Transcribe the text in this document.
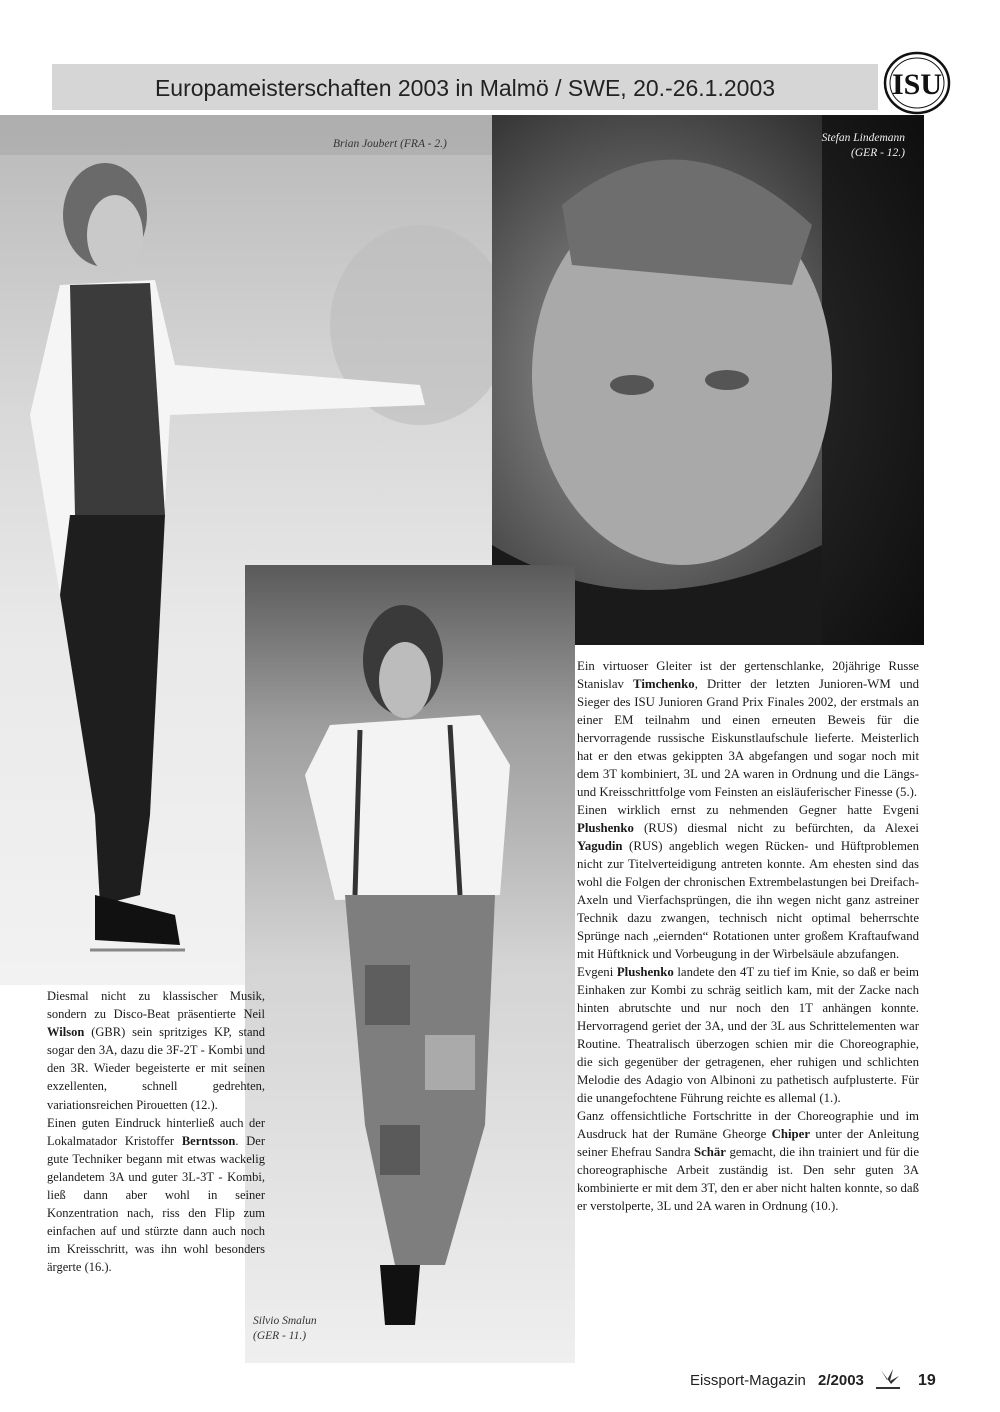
Europameisterschaften 2003 in Malmö / SWE, 20.-26.1.2003	ISU
Brian Joubert (FRA - 2.)	Stefan Lindemann
(GER - 12.)
Silvio Smalun
(GER - 11.)

Diesmal nicht zu klassischer Musik, sondern zu Disco-Beat präsentierte Neil Wilson (GBR) sein spritziges KP, stand sogar den 3A, dazu die 3F-2T - Kombi und den 3R. Wieder begeisterte er mit seinen exzellenten, schnell gedrehten, variationsreichen Pirouetten (12.).

Einen guten Eindruck hinterließ auch der Lokalmatador Kristoffer Berntsson. Der gute Techniker begann mit etwas wackelig gelandetem 3A und guter 3L-3T - Kombi, ließ dann aber wohl in seiner Konzentration nach, riss den Flip zum einfachen auf und stürzte dann auch noch im Kreisschritt, was ihn wohl besonders ärgerte (16.).

Ein virtuoser Gleiter ist der gertenschlanke, 20jährige Russe Stanislav Timchenko, Dritter der letzten Junioren-WM und Sieger des ISU Junioren Grand Prix Finales 2002, der erstmals an einer EM teilnahm und einen erneuten Beweis für die hervorragende russische Eiskunstlaufschule lieferte. Meisterlich hat er den etwas gekippten 3A abgefangen und sogar noch mit dem 3T kombiniert, 3L und 2A waren in Ordnung und die Längs- und Kreisschrittfolge vom Feinsten an eisläuferischer Finesse (5.).

Einen wirklich ernst zu nehmenden Gegner hatte Evgeni Plushenko (RUS) diesmal nicht zu befürchten, da Alexei Yagudin (RUS) angeblich wegen Rücken- und Hüftproblemen nicht zur Titelverteidigung antreten konnte. Am ehesten sind das wohl die Folgen der chronischen Extrembelastungen bei Dreifach-Axeln und Vierfachsprüngen, die ihn wegen nicht ganz astreiner Technik dazu zwangen, technisch nicht optimal beherrschte Sprünge nach „eiernden“ Rotationen unter großem Kraftaufwand mit Hüftknick und Vorbeugung in der Wirbelsäule abzufangen.

Evgeni Plushenko landete den 4T zu tief im Knie, so daß er beim Einhaken zur Kombi zu schräg seitlich kam, mit der Zacke nach hinten abrutschte und nur noch den 1T anhängen konnte. Hervorragend geriet der 3A, und der 3L aus Schrittelementen war Routine. Theatralisch überzogen schien mir die Choreographie, die sich gegenüber der getragenen, eher ruhigen und schlichten Melodie des Adagio von Albinoni zu pathetisch aufplusterte. Für die unangefochtene Führung reichte es allemal (1.).

Ganz offensichtliche Fortschritte in der Choreographie und im Ausdruck hat der Rumäne Gheorge Chiper unter der Anleitung seiner Ehefrau Sandra Schär gemacht, die ihn trainiert und für die choreographische Arbeit zuständig ist. Den sehr guten 3A kombinierte er mit dem 3T, den er aber nicht halten konnte, so daß er verstolperte, 3L und 2A waren in Ordnung (10.).

Eissport-Magazin 2/2003	19
